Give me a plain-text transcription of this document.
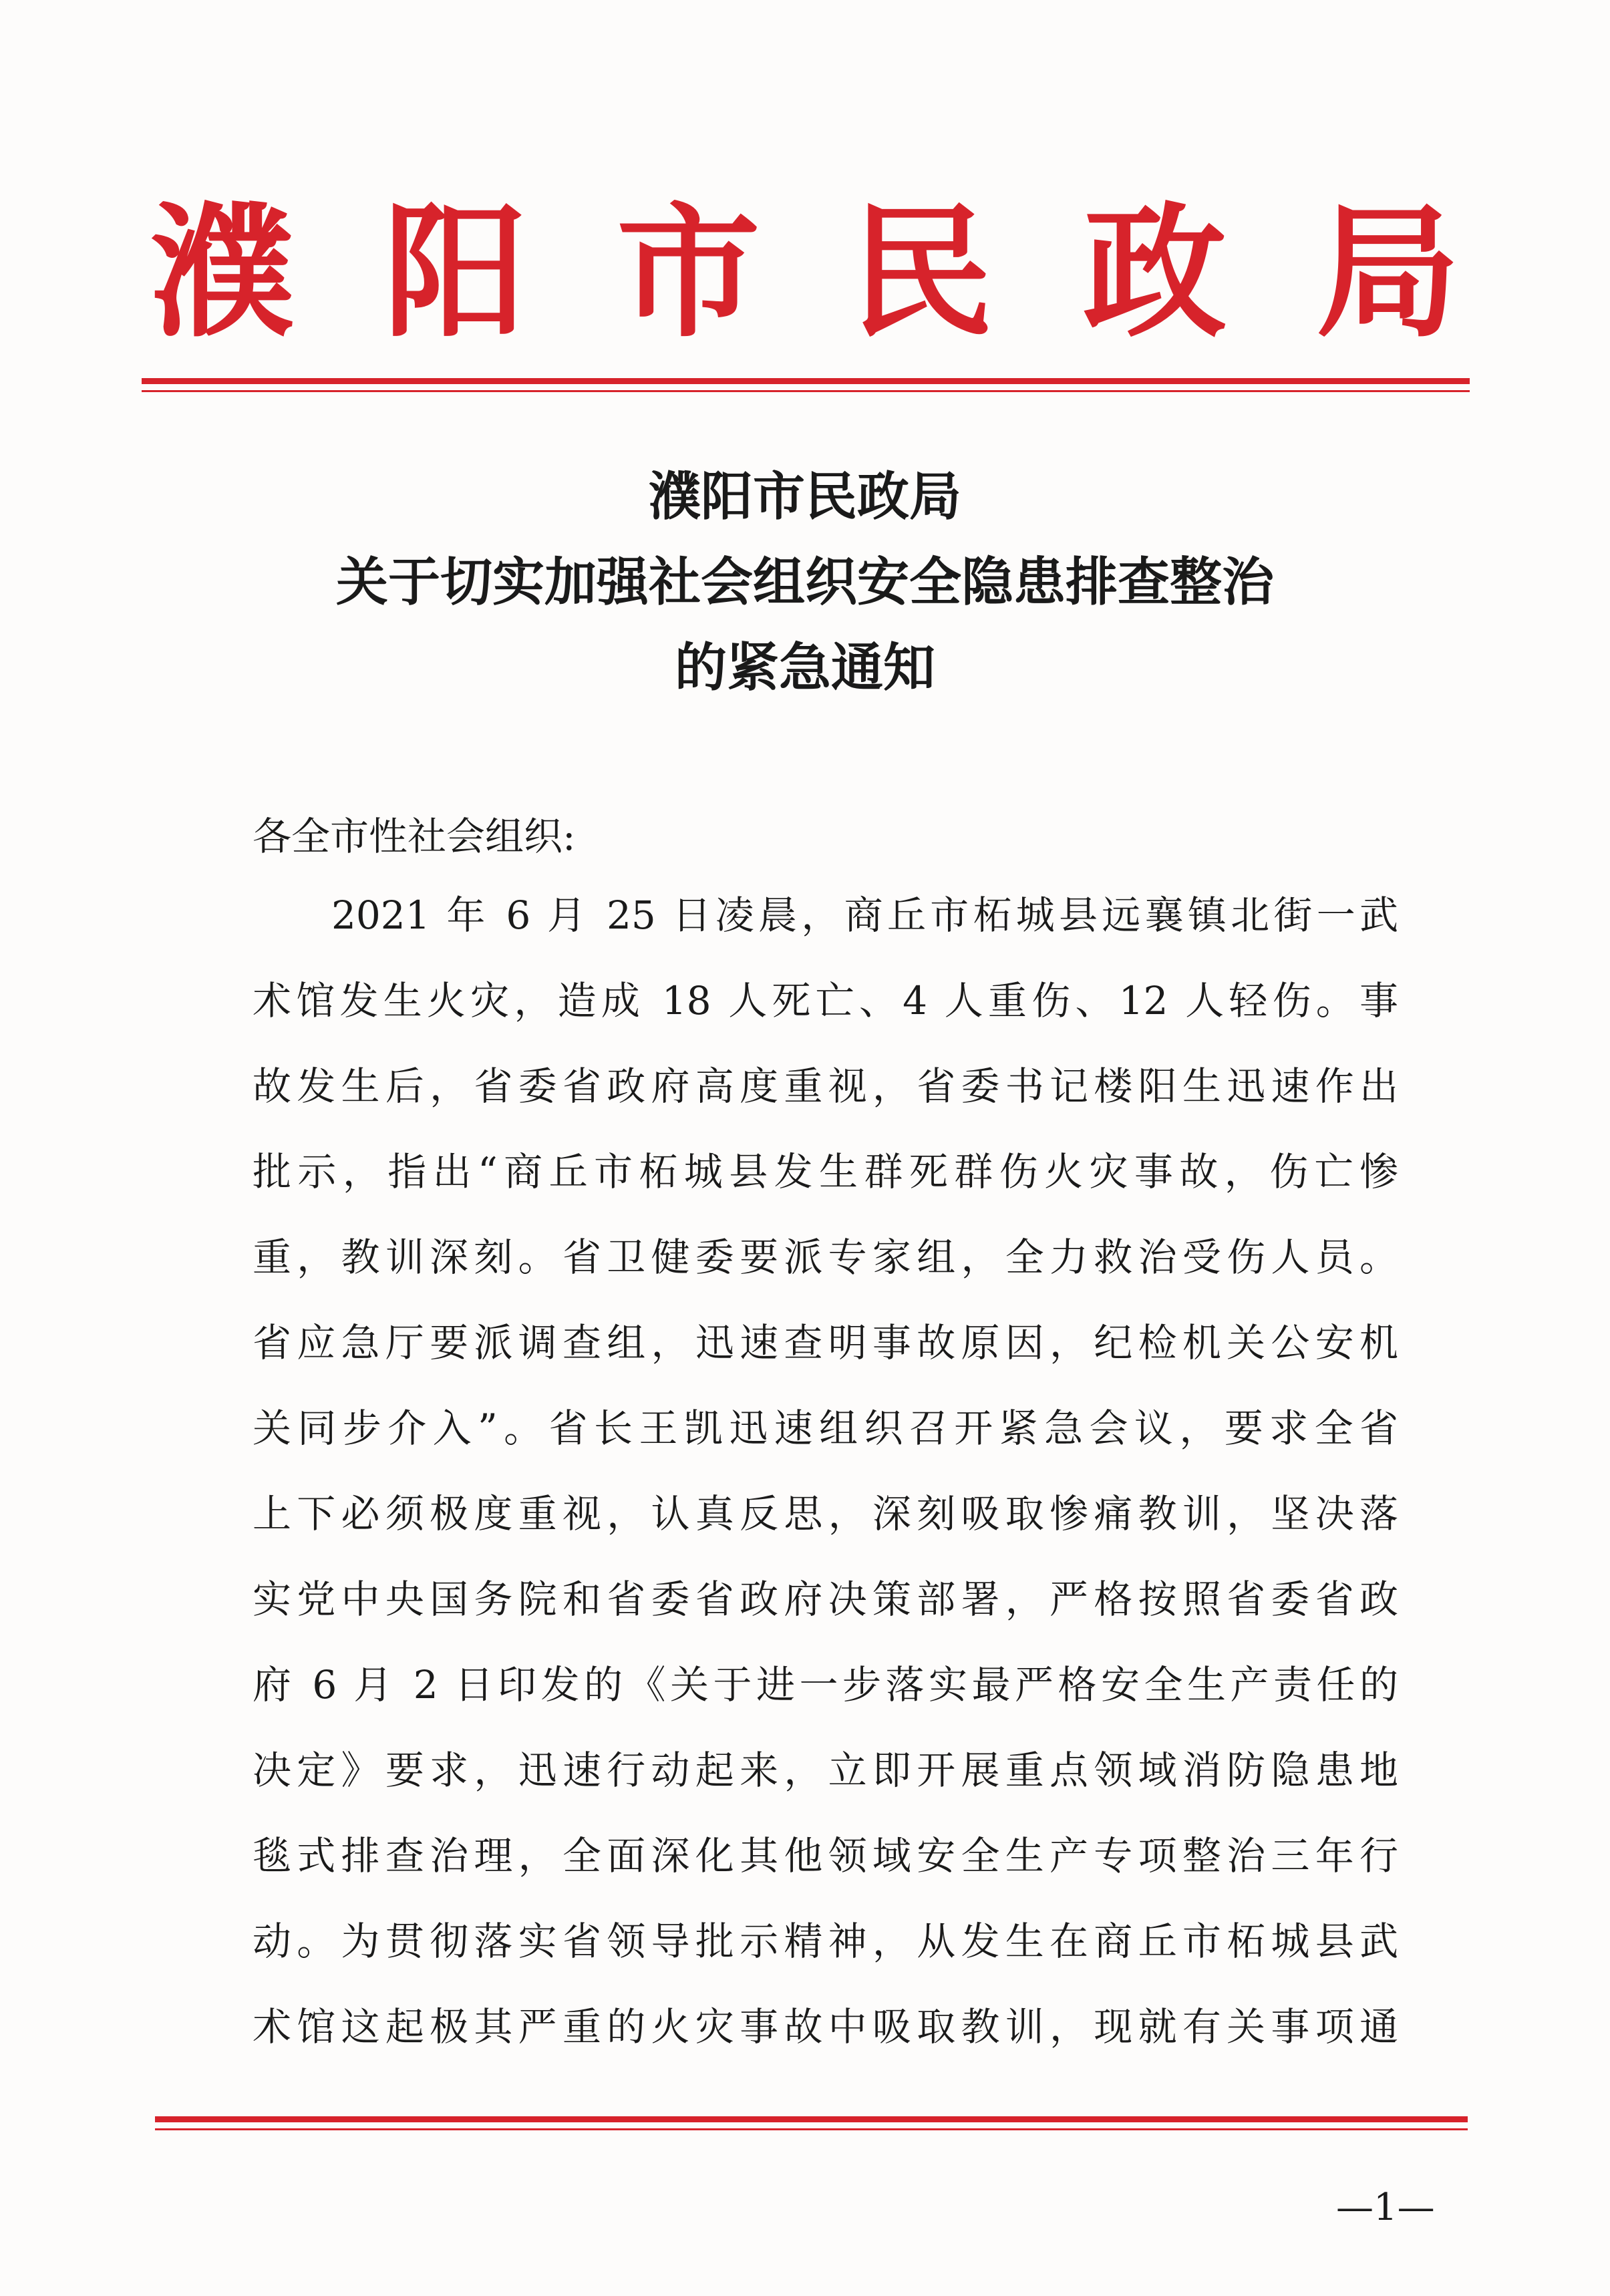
濮 阳 市 民 政 局
濮阳市民政局
关于切实加强社会组织安全隐患排查整治
的紧急通知
各全市性社会组织:
2021 年 6 月 25 日凌晨，商丘市柘城县远襄镇北街一武
术馆发生火灾，造成 18 人死亡、4 人重伤、12 人轻伤。事
故发生后，省委省政府高度重视，省委书记楼阳生迅速作出
批示，指出“商丘市柘城县发生群死群伤火灾事故，伤亡惨
重，教训深刻。省卫健委要派专家组，全力救治受伤人员。
省应急厅要派调查组，迅速查明事故原因，纪检机关公安机
关同步介入”。省长王凯迅速组织召开紧急会议，要求全省
上下必须极度重视，认真反思，深刻吸取惨痛教训，坚决落
实党中央国务院和省委省政府决策部署，严格按照省委省政
府 6 月 2 日印发的《关于进一步落实最严格安全生产责任的
决定》要求，迅速行动起来，立即开展重点领域消防隐患地
毯式排查治理，全面深化其他领域安全生产专项整治三年行
动。为贯彻落实省领导批示精神，从发生在商丘市柘城县武
术馆这起极其严重的火灾事故中吸取教训，现就有关事项通
—1—
